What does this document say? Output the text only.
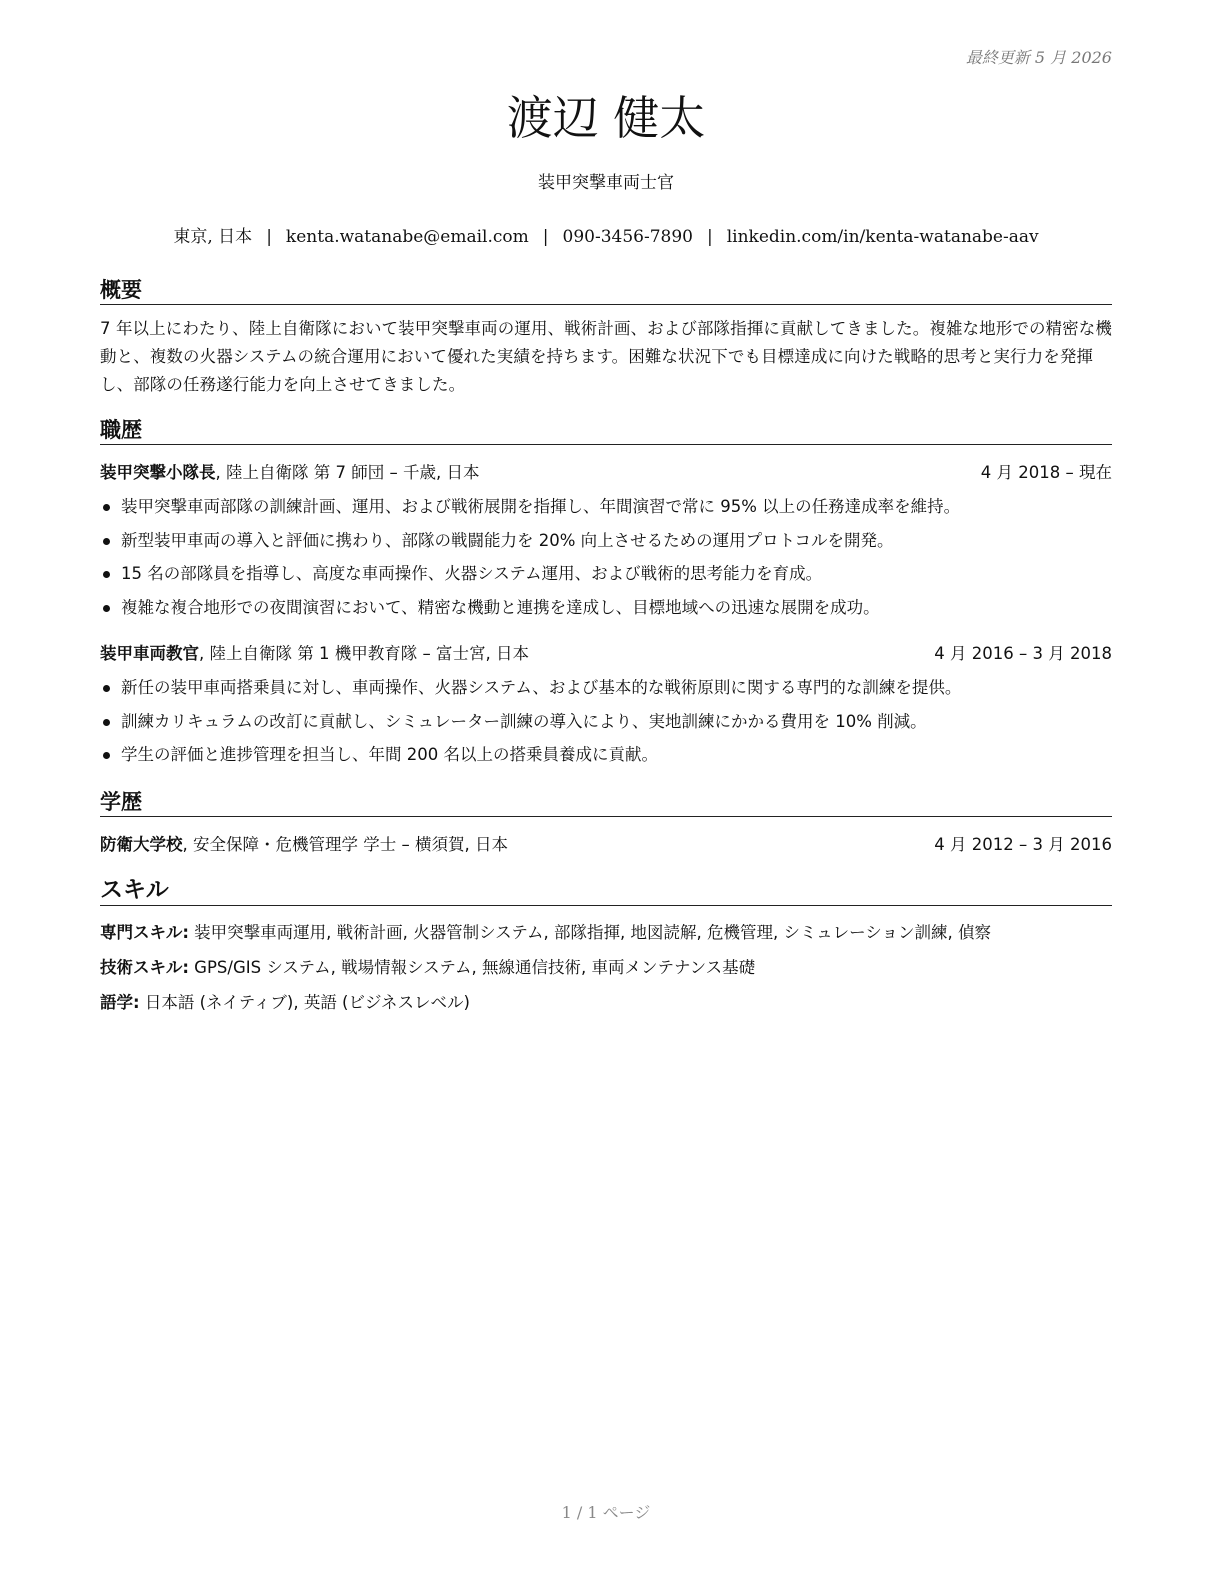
最終更新 5 月 2026
渡辺 健太
装甲突撃車両士官
東京, 日本 | kenta.watanabe@email.com | 090-3456-7890 | linkedin.com/in/kenta-watanabe-aav
概要
7 年以上にわたり、陸上自衛隊において装甲突撃車両の運用、戦術計画、および部隊指揮に貢献してきました。複雑な地形での精密な機動と、複数の火器システムの統合運用において優れた実績を持ちます。困難な状況下でも目標達成に向けた戦略的思考と実行力を発揮し、部隊の任務遂行能力を向上させてきました。
職歴
装甲突撃小隊長, 陸上自衛隊 第 7 師団 – 千歳, 日本	4 月 2018 – 現在
装甲突撃車両部隊の訓練計画、運用、および戦術展開を指揮し、年間演習で常に 95% 以上の任務達成率を維持。
新型装甲車両の導入と評価に携わり、部隊の戦闘能力を 20% 向上させるための運用プロトコルを開発。
15 名の部隊員を指導し、高度な車両操作、火器システム運用、および戦術的思考能力を育成。
複雑な複合地形での夜間演習において、精密な機動と連携を達成し、目標地域への迅速な展開を成功。
装甲車両教官, 陸上自衛隊 第 1 機甲教育隊 – 富士宮, 日本	4 月 2016 – 3 月 2018
新任の装甲車両搭乗員に対し、車両操作、火器システム、および基本的な戦術原則に関する専門的な訓練を提供。
訓練カリキュラムの改訂に貢献し、シミュレーター訓練の導入により、実地訓練にかかる費用を 10% 削減。
学生の評価と進捗管理を担当し、年間 200 名以上の搭乗員養成に貢献。
学歴
防衛大学校, 安全保障・危機管理学 学士 – 横須賀, 日本	4 月 2012 – 3 月 2016
スキル
専門スキル: 装甲突撃車両運用, 戦術計画, 火器管制システム, 部隊指揮, 地図読解, 危機管理, シミュレーション訓練, 偵察
技術スキル: GPS/GIS システム, 戦場情報システム, 無線通信技術, 車両メンテナンス基礎
語学: 日本語 (ネイティブ), 英語 (ビジネスレベル)
1 / 1 ページ
